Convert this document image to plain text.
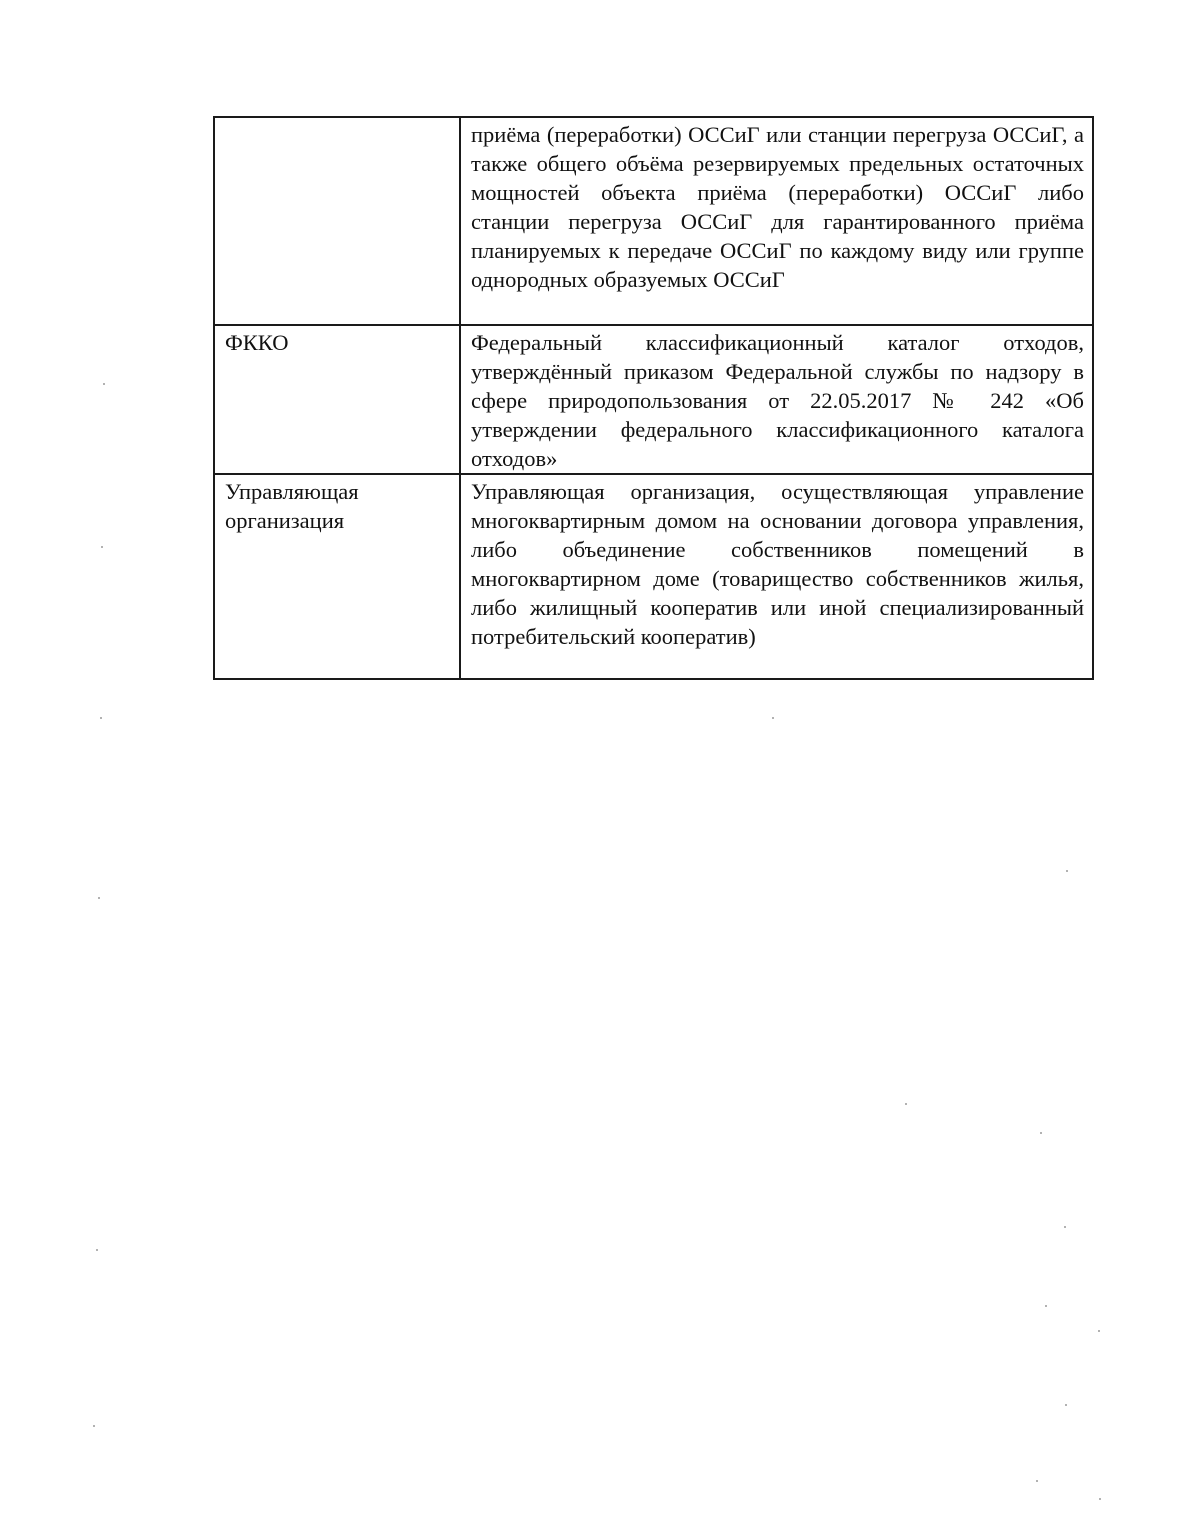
	приёма (переработки) ОССиГ или станции перегруза ОССиГ, а также общего объёма резервируемых предельных остаточных мощностей объекта приёма (переработки) ОССиГ либо станции перегруза ОССиГ для гарантированного приёма планируемых к передаче ОССиГ по каждому виду или группе однородных образуемых ОССиГ
ФККО	Федеральный классификационный каталог отходов, утверждённый приказом Федеральной службы по надзору в сфере природопользования от 22.05.2017 № 242 «Об утверждении федерального классификационного каталога отходов»
Управляющая организация	Управляющая организация, осуществляющая управление многоквартирным домом на основании договора управления, либо объединение собственников помещений в многоквартирном доме (товарищество собственников жилья, либо жилищный кооператив или иной специализированный потребительский кооператив)
